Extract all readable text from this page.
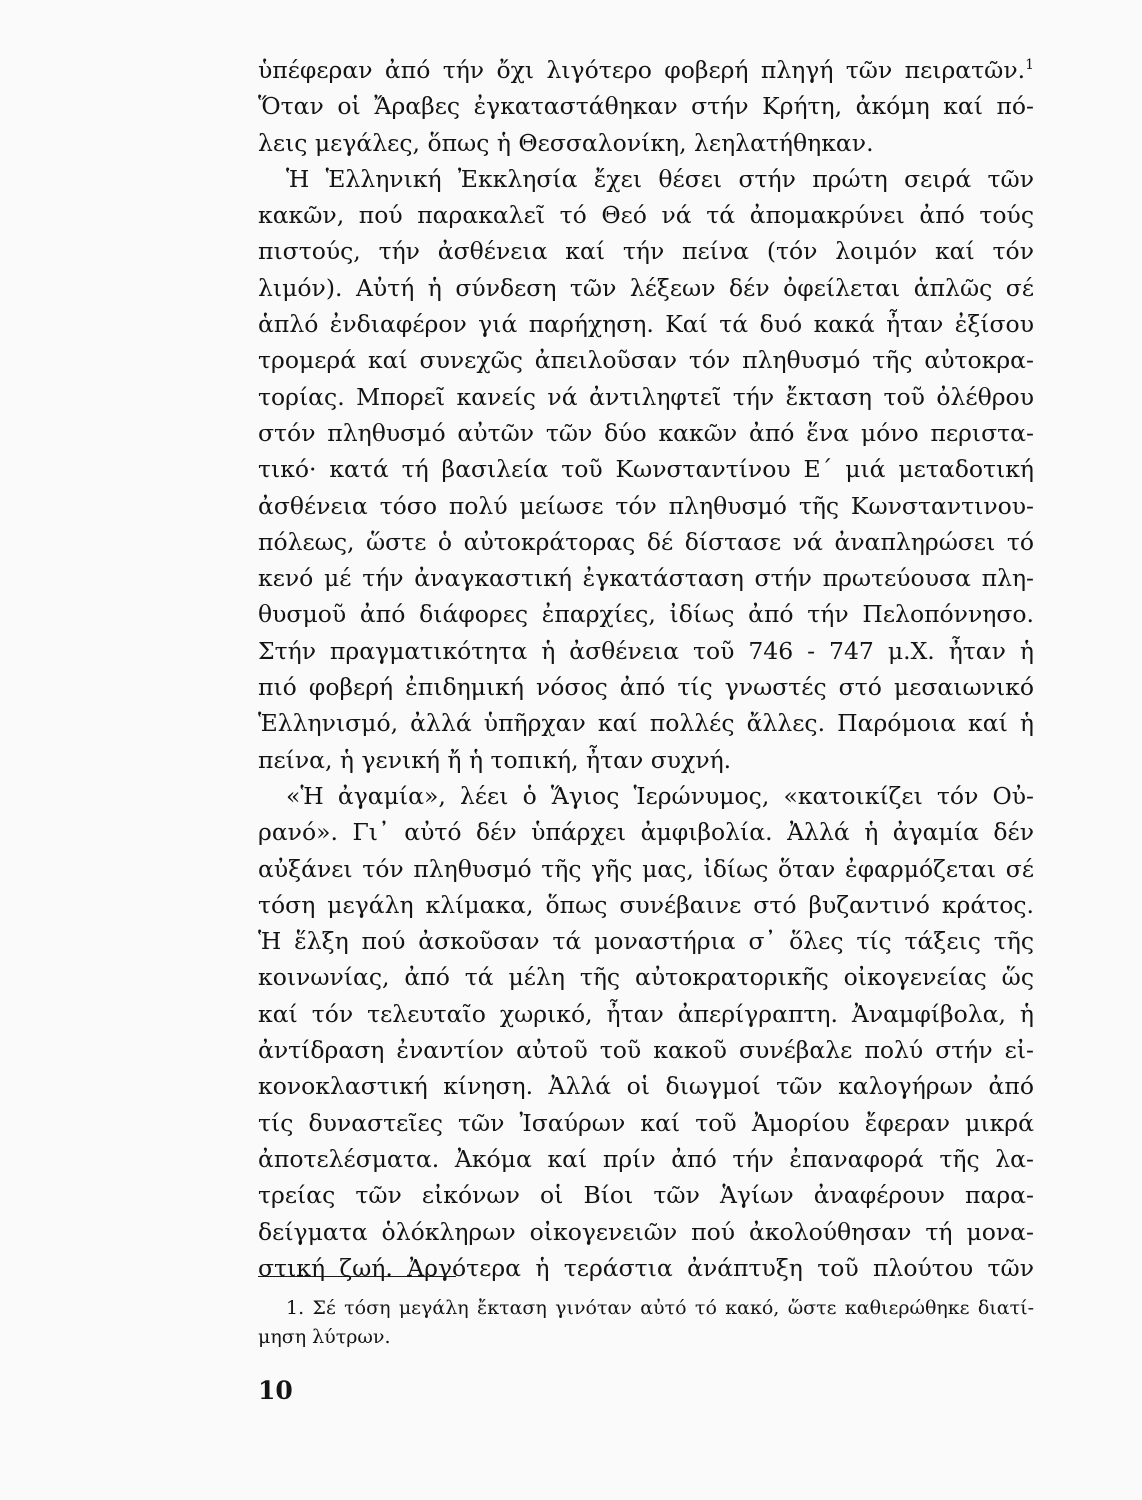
ὑπέφεραν ἀπό τήν ὄχι λιγότερο φοβερή πληγή τῶν πειρατῶν.$^1$
Ὅταν οἱ Ἄραβες ἐγκαταστάθηκαν στήν Κρήτη, ἀκόμη καί πό-
λεις μεγάλες, ὅπως ἡ Θεσσαλονίκη, λεηλατήθηκαν.
Ἡ Ἑλληνική Ἐκκλησία ἔχει θέσει στήν πρώτη σειρά τῶν
κακῶν, πού παρακαλεῖ τό Θεό νά τά ἀπομακρύνει ἀπό τούς
πιστούς, τήν ἀσθένεια καί τήν πείνα (τόν λοιμόν καί τόν
λιμόν). Αὐτή ἡ σύνδεση τῶν λέξεων δέν ὀφείλεται ἁπλῶς σέ
ἁπλό ἐνδιαφέρον γιά παρήχηση. Καί τά δυό κακά ἦταν ἐξίσου
τρομερά καί συνεχῶς ἀπειλοῦσαν τόν πληθυσμό τῆς αὐτοκρα-
τορίας. Μπορεῖ κανείς νά ἀντιληφτεῖ τήν ἔκταση τοῦ ὀλέθρου
στόν πληθυσμό αὐτῶν τῶν δύο κακῶν ἀπό ἕνα μόνο περιστα-
τικό· κατά τή βασιλεία τοῦ Κωνσταντίνου Ε΄ μιά μεταδοτική
ἀσθένεια τόσο πολύ μείωσε τόν πληθυσμό τῆς Κωνσταντινου-
πόλεως, ὥστε ὁ αὐτοκράτορας δέ δίστασε νά ἀναπληρώσει τό
κενό μέ τήν ἀναγκαστική ἐγκατάσταση στήν πρωτεύουσα πλη-
θυσμοῦ ἀπό διάφορες ἐπαρχίες, ἰδίως ἀπό τήν Πελοπόννησο.
Στήν πραγματικότητα ἡ ἀσθένεια τοῦ 746 - 747 μ.Χ. ἦταν ἡ
πιό φοβερή ἐπιδημική νόσος ἀπό τίς γνωστές στό μεσαιωνικό
Ἑλληνισμό, ἀλλά ὑπῆρχαν καί πολλές ἄλλες. Παρόμοια καί ἡ
πείνα, ἡ γενική ἤ ἡ τοπική, ἦταν συχνή.
«Ἡ ἀγαμία», λέει ὁ Ἅγιος Ἱερώνυμος, «κατοικίζει τόν Οὐ-
ρανό». Γι᾽ αὐτό δέν ὑπάρχει ἀμφιβολία. Ἀλλά ἡ ἀγαμία δέν
αὐξάνει τόν πληθυσμό τῆς γῆς μας, ἰδίως ὅταν ἐφαρμόζεται σέ
τόση μεγάλη κλίμακα, ὅπως συνέβαινε στό βυζαντινό κράτος.
Ἡ ἕλξη πού ἀσκοῦσαν τά μοναστήρια σ᾽ ὅλες τίς τάξεις τῆς
κοινωνίας, ἀπό τά μέλη τῆς αὐτοκρατορικῆς οἰκογενείας ὥς
καί τόν τελευταῖο χωρικό, ἦταν ἀπερίγραπτη. Ἀναμφίβολα, ἡ
ἀντίδραση ἐναντίον αὐτοῦ τοῦ κακοῦ συνέβαλε πολύ στήν εἰ-
κονοκλαστική κίνηση. Ἀλλά οἱ διωγμοί τῶν καλογήρων ἀπό
τίς δυναστεῖες τῶν Ἰσαύρων καί τοῦ Ἀμορίου ἔφεραν μικρά
ἀποτελέσματα. Ἀκόμα καί πρίν ἀπό τήν ἐπαναφορά τῆς λα-
τρείας τῶν εἰκόνων οἱ Βίοι τῶν Ἁγίων ἀναφέρουν παρα-
δείγματα ὁλόκληρων οἰκογενειῶν πού ἀκολούθησαν τή μονα-
στική ζωή. Ἀργότερα ἡ τεράστια ἀνάπτυξη τοῦ πλούτου τῶν
1. Σέ τόση μεγάλη ἔκταση γινόταν αὐτό τό κακό, ὥστε καθιερώθηκε διατί-
μηση λύτρων.
10
